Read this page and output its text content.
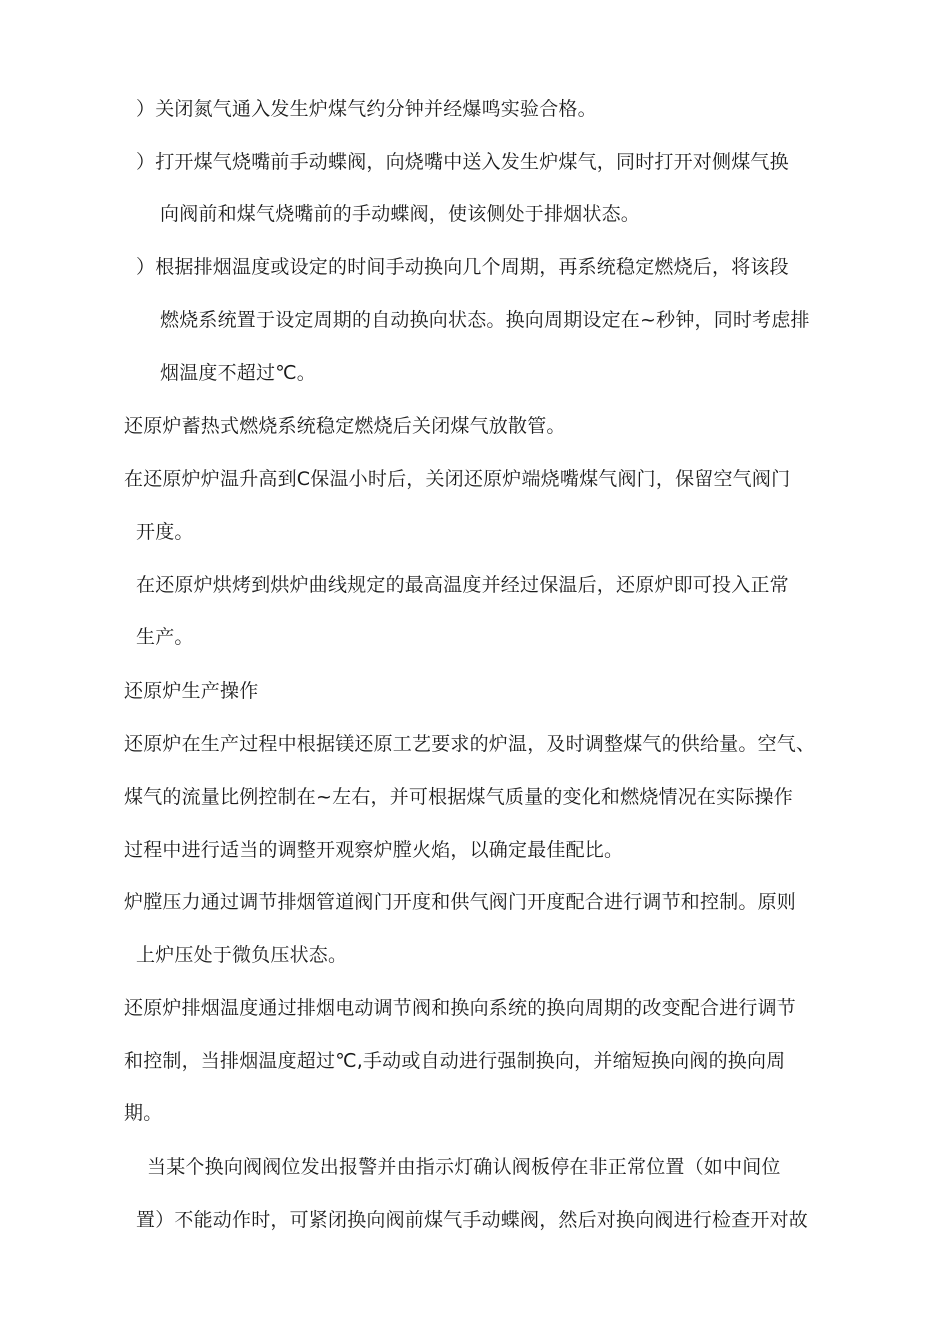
）关闭氮气通入发生炉煤气约分钟并经爆鸣实验合格。
）打开煤气烧嘴前手动蝶阀，向烧嘴中送入发生炉煤气，同时打开对侧煤气换
向阀前和煤气烧嘴前的手动蝶阀，使该侧处于排烟状态。
）根据排烟温度或设定的时间手动换向几个周期，再系统稳定燃烧后，将该段
燃烧系统置于设定周期的自动换向状态。换向周期设定在~秒钟，同时考虑排
烟温度不超过℃。
还原炉蓄热式燃烧系统稳定燃烧后关闭煤气放散管。
在还原炉炉温升高到C保温小时后，关闭还原炉端烧嘴煤气阀门，保留空气阀门
开度。
在还原炉烘烤到烘炉曲线规定的最高温度并经过保温后，还原炉即可投入正常
生产。
还原炉生产操作
还原炉在生产过程中根据镁还原工艺要求的炉温，及时调整煤气的供给量。空气、
煤气的流量比例控制在~左右，并可根据煤气质量的变化和燃烧情况在实际操作
过程中进行适当的调整开观察炉膛火焰，以确定最佳配比。
炉膛压力通过调节排烟管道阀门开度和供气阀门开度配合进行调节和控制。原则
上炉压处于微负压状态。
还原炉排烟温度通过排烟电动调节阀和换向系统的换向周期的改变配合进行调节
和控制，当排烟温度超过℃,手动或自动进行强制换向，并缩短换向阀的换向周
期。
当某个换向阀阀位发出报警并由指示灯确认阀板停在非正常位置（如中间位
置）不能动作时，可紧闭换向阀前煤气手动蝶阀，然后对换向阀进行检查开对故
